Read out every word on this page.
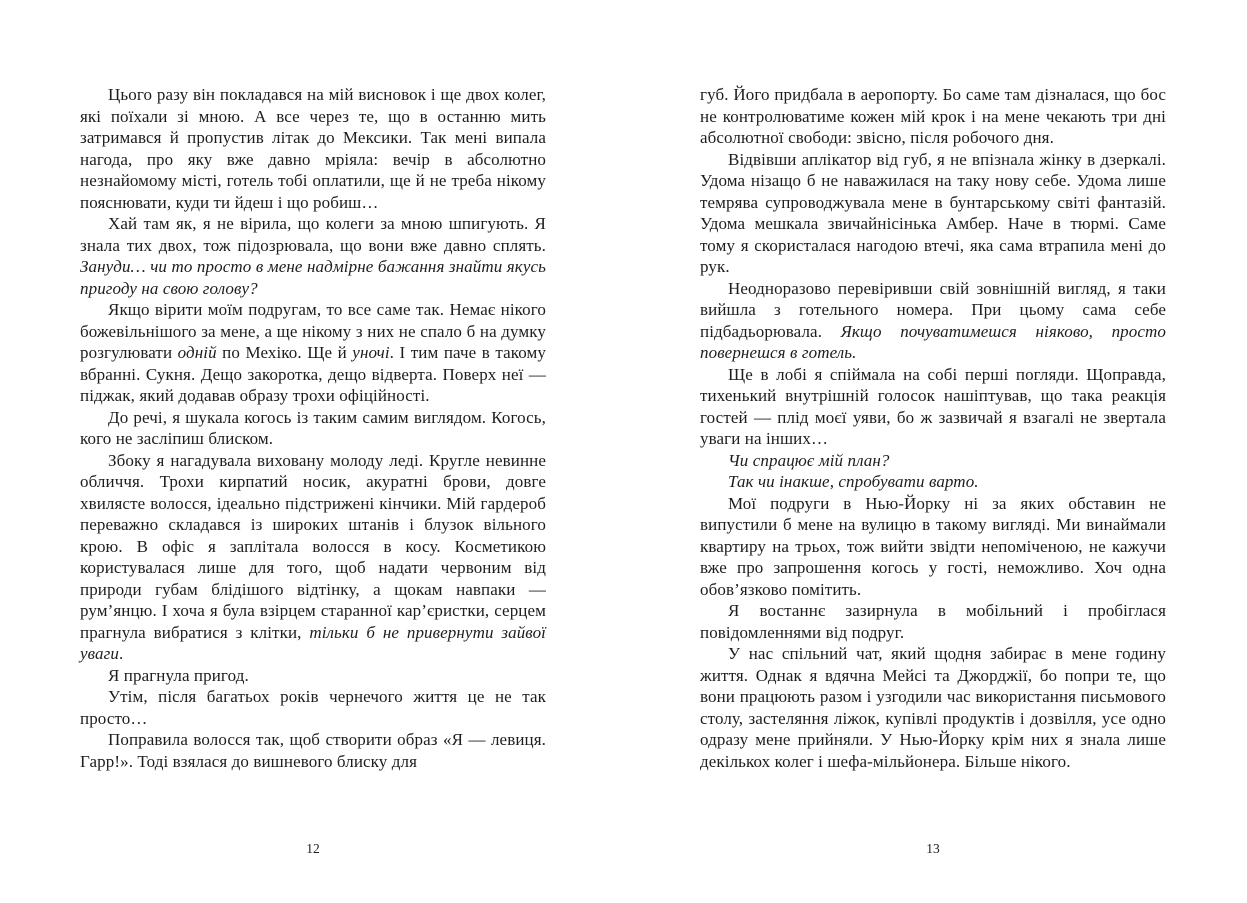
Цього разу він покладався на мій висновок і ще двох колег, які поїхали зі мною. А все через те, що в останню мить затримався й пропустив літак до Мексики. Так мені випала нагода, про яку вже давно мріяла: вечір в абсолютно незнайомому місті, готель тобі оплатили, ще й не треба нікому пояснювати, куди ти йдеш і що робиш…

Хай там як, я не вірила, що колеги за мною шпигують. Я знала тих двох, тож підозрювала, що вони вже давно сплять. Зануди… чи то просто в мене надмірне бажання знайти якусь пригоду на свою голову?

Якщо вірити моїм подругам, то все саме так. Немає нікого божевільнішого за мене, а ще нікому з них не спало б на думку розгулювати одній по Мехіко. Ще й уночі. І тим паче в такому вбранні. Сукня. Дещо закоротка, дещо відверта. Поверх неї — піджак, який додавав образу трохи офіційності.

До речі, я шукала когось із таким самим виглядом. Когось, кого не засліпиш блиском.

Збоку я нагадувала виховану молоду леді. Кругле невинне обличчя. Трохи кирпатий носик, акуратні брови, довге хвилясте волосся, ідеально підстрижені кінчики. Мій гардероб переважно складався із широких штанів і блузок вільного крою. В офіс я заплітала волосся в косу. Косметикою користувалася лише для того, щоб надати червоним від природи губам блідішого відтінку, а щокам навпаки — рум’янцю. І хоча я була взірцем старанної кар’єристки, серцем прагнула вибратися з клітки, тільки б не привернути зайвої уваги.

Я прагнула пригод.

Утім, після багатьох років чернечого життя це не так просто…

Поправила волосся так, щоб створити образ «Я — левиця. Гарр!». Тоді взялася до вишневого блиску для

12

губ. Його придбала в аеропорту. Бо саме там дізналася, що бос не контролюватиме кожен мій крок і на мене чекають три дні абсолютної свободи: звісно, після робочого дня.

Відвівши аплікатор від губ, я не впізнала жінку в дзеркалі. Удома нізащо б не наважилася на таку нову себе. Удома лише темрява супроводжувала мене в бунтарському світі фантазій. Удома мешкала звичайнісінька Амбер. Наче в тюрмі. Саме тому я скористалася нагодою втечі, яка сама втрапила мені до рук.

Неодноразово перевіривши свій зовнішній вигляд, я таки вийшла з готельного номера. При цьому сама себе підбадьорювала. Якщо почуватимешся ніяково, просто повернешся в готель.

Ще в лобі я спіймала на собі перші погляди. Щоправда, тихенький внутрішній голосок нашіптував, що така реакція гостей — плід моєї уяви, бо ж зазвичай я взагалі не звертала уваги на інших…

Чи спрацює мій план?

Так чи інакше, спробувати варто.

Мої подруги в Нью-Йорку ні за яких обставин не випустили б мене на вулицю в такому вигляді. Ми винаймали квартиру на трьох, тож вийти звідти непоміченою, не кажучи вже про запрошення когось у гості, неможливо. Хоч одна обов’язково помітить.

Я востаннє зазирнула в мобільний і пробіглася повідомленнями від подруг.

У нас спільний чат, який щодня забирає в мене годину життя. Однак я вдячна Мейсі та Джорджії, бо попри те, що вони працюють разом і узгодили час використання письмового столу, застеляння ліжок, купівлі продуктів і дозвілля, усе одно одразу мене прийняли. У Нью-Йорку крім них я знала лише декількох колег і шефа-мільйонера. Більше нікого.

13
